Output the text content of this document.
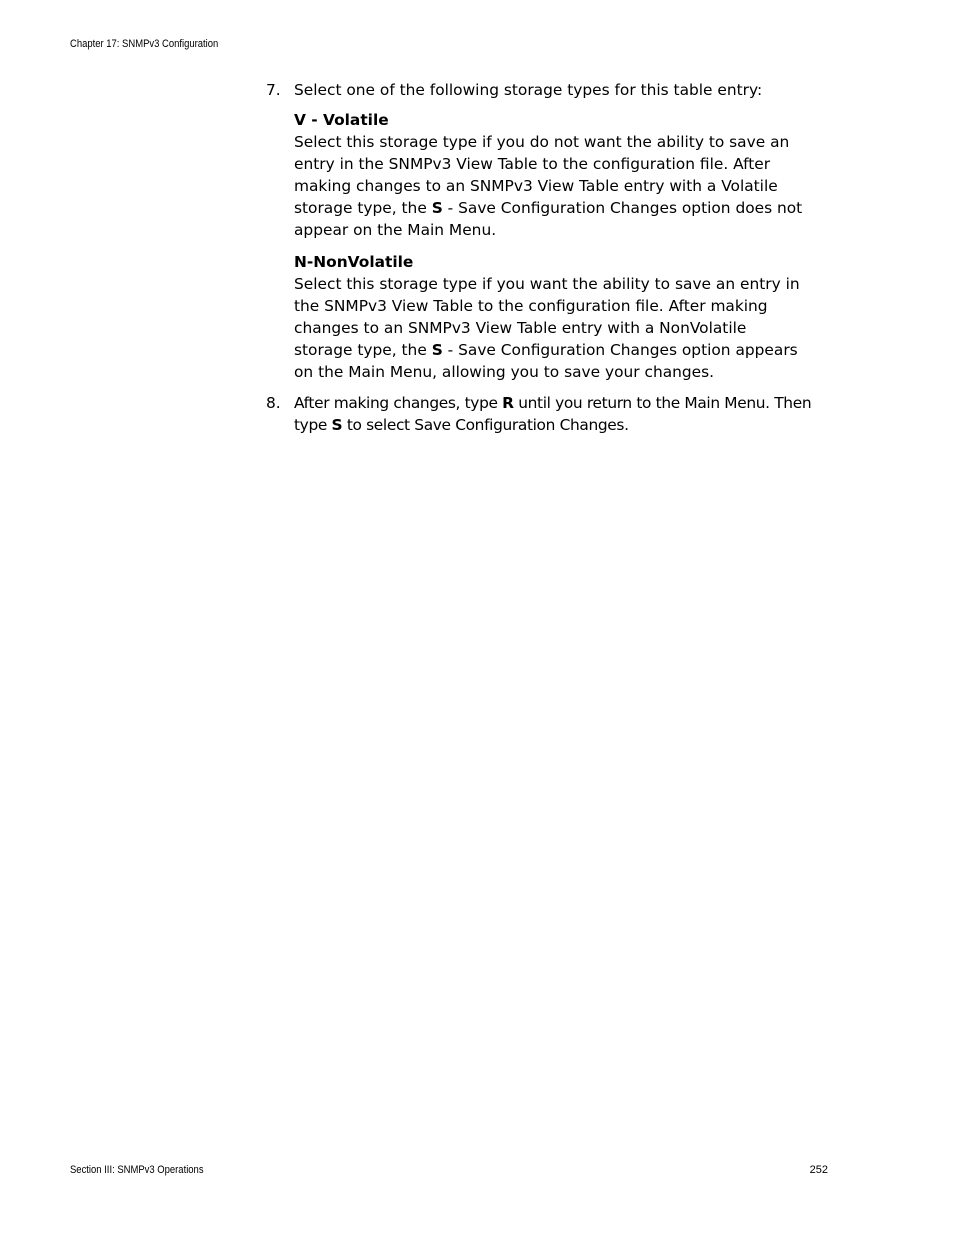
Chapter 17: SNMPv3 Configuration
7. Select one of the following storage types for this table entry:
V - Volatile
Select this storage type if you do not want the ability to save an entry in the SNMPv3 View Table to the configuration file. After making changes to an SNMPv3 View Table entry with a Volatile storage type, the S - Save Configuration Changes option does not appear on the Main Menu.
N-NonVolatile
Select this storage type if you want the ability to save an entry in the SNMPv3 View Table to the configuration file. After making changes to an SNMPv3 View Table entry with a NonVolatile storage type, the S - Save Configuration Changes option appears on the Main Menu, allowing you to save your changes.
8. After making changes, type R until you return to the Main Menu. Then type S to select Save Configuration Changes.
Section III: SNMPv3 Operations	252
